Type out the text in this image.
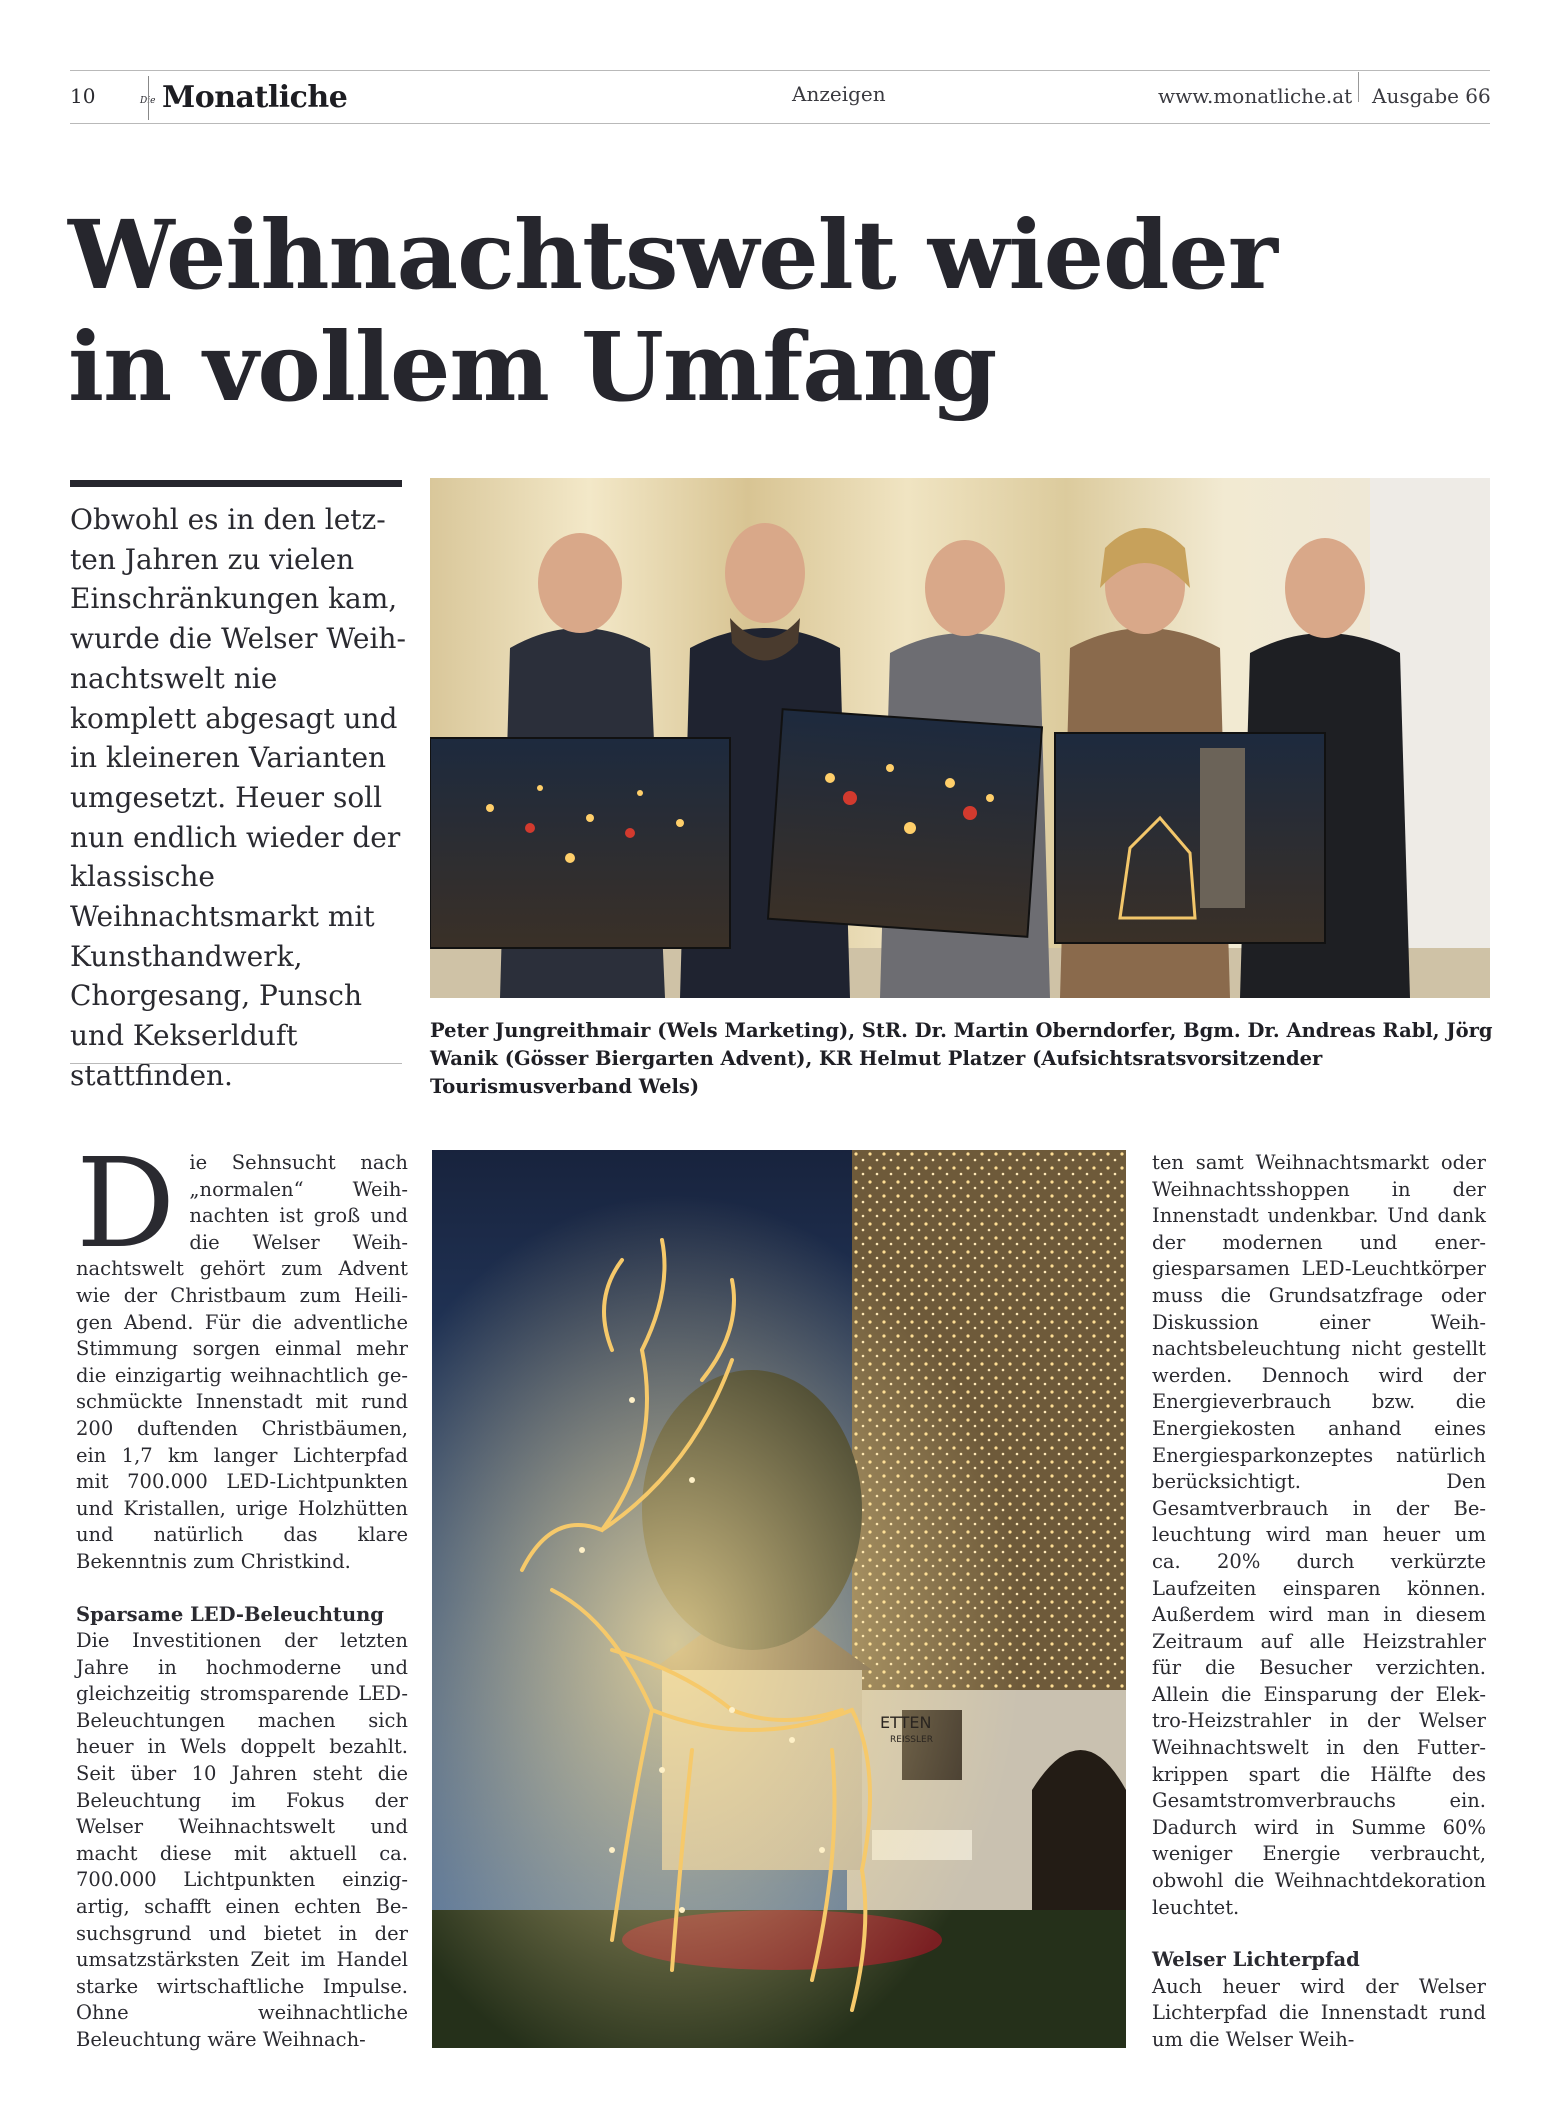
10	Die Monatliche	Anzeigen	www.monatliche.at Ausgabe 66
Weihnachtswelt wieder
in vollem Umfang
Obwohl es in den letzten Jahren zu vielen Einschränkungen kam, wurde die Welser Weihnachtswelt nie komplett abgesagt und in kleineren Varianten umgesetzt. Heuer soll nun endlich wieder der klassische Weihnachtsmarkt mit Kunsthandwerk, Chorgesang, Punsch und Kekserlduft stattfinden.
Peter Jungreithmair (Wels Marketing), StR. Dr. Martin Oberndorfer, Bgm. Dr. Andreas Rabl, Jörg Wanik (Gösser Biergarten Advent), KR Helmut Platzer (Aufsichtsratsvorsitzender Tourismusverband Wels)

Die Sehnsucht nach „normalen“ Weihnachten ist groß und die Welser Weihnachtswelt gehört zum Advent wie der Christbaum zum Heiligen Abend. Für die adventliche Stimmung sorgen einmal mehr die einzigartig weihnachtlich geschmückte Innenstadt mit rund 200 duftenden Christbäumen, ein 1,7 km langer Lichterpfad mit 700.000 LED-Lichtpunkten und Kristallen, urige Holzhütten und natürlich das klare Bekenntnis zum Christkind.

Sparsame LED-Beleuchtung

Die Investitionen der letzten Jahre in hochmoderne und gleichzeitig stromsparende LED-Beleuchtungen machen sich heuer in Wels doppelt bezahlt. Seit über 10 Jahren steht die Beleuchtung im Fokus der Welser Weihnachtswelt und macht diese mit aktuell ca. 700.000 Lichtpunkten einzigartig, schafft einen echten Besuchsgrund und bietet in der umsatzstärksten Zeit im Handel starke wirtschaftliche Impulse. Ohne weihnachtliche Beleuchtung wäre Weihnach-

ETTEN
REISSLER

ten samt Weihnachtsmarkt oder Weihnachtsshoppen in der Innenstadt undenkbar. Und dank der modernen und energiesparsamen LED-Leuchtkörper muss die Grundsatzfrage oder Diskussion einer Weihnachtsbeleuchtung nicht gestellt werden. Dennoch wird der Energieverbrauch bzw. die Energiekosten anhand eines Energiesparkonzeptes natürlich berücksichtigt. Den Gesamtverbrauch in der Beleuchtung wird man heuer um ca. 20% durch verkürzte Laufzeiten einsparen können. Außerdem wird man in diesem Zeitraum auf alle Heizstrahler für die Besucher verzichten. Allein die Einsparung der Elektro-Heizstrahler in der Welser Weihnachtswelt in den Futterkrippen spart die Hälfte des Gesamtstromverbrauchs ein. Dadurch wird in Summe 60% weniger Energie verbraucht, obwohl die Weihnachtdekoration leuchtet.

Welser Lichterpfad

Auch heuer wird der Welser Lichterpfad die Innenstadt rund um die Welser Weih-
